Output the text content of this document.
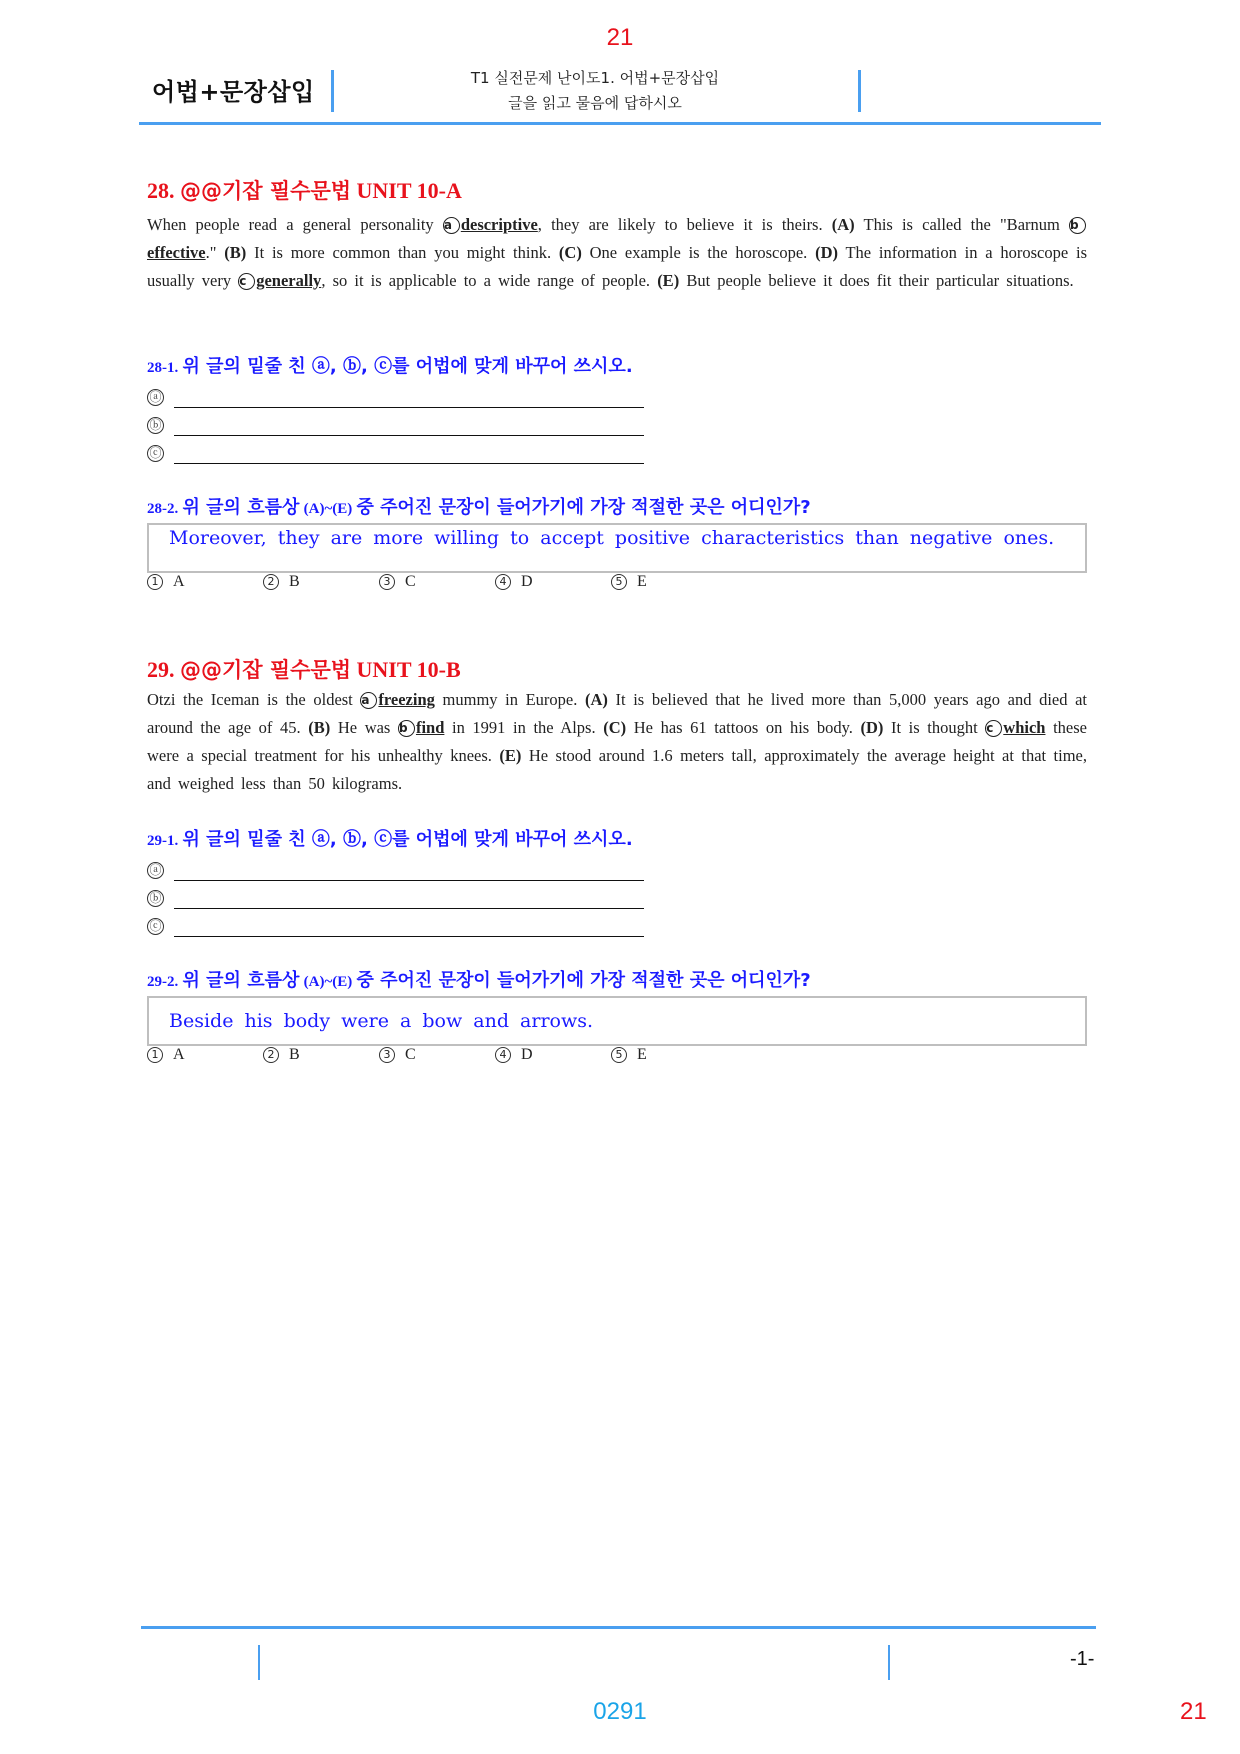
21
어법+문장삽입	T1 실전문제 난이도1. 어법+문장삽입
글을 읽고 물음에 답하시오
28. @@기잡 필수문법 UNIT 10-A
When people read a general personality a descriptive, they are likely to believe it is theirs. (A) This is called the "Barnum beffective." (B) It is more common than you might think. (C) One example is the horoscope. (D) The information in a horoscope is usually very c generally, so it is applicable to a wide range of people. (E) But people believe it does fit their particular situations.
28-1. 위 글의 밑줄 친 ⓐ, ⓑ, ⓒ를 어법에 맞게 바꾸어 쓰시오.
ⓐ
ⓑ
ⓒ
28-2. 위 글의 흐름상 (A)~(E) 중 주어진 문장이 들어가기에 가장 적절한 곳은 어디인가?
Moreover, they are more willing to accept positive characteristics than negative ones.
1 A	2 B	3 C	4 D	5 E
29. @@기잡 필수문법 UNIT 10-B
Otzi the Iceman is the oldest a freezing mummy in Europe. (A) It is believed that he lived more than 5,000 years ago and died at around the age of 45. (B) He was b find in 1991 in the Alps. (C) He has 61 tattoos on his body. (D) It is thought c which these were a special treatment for his unhealthy knees. (E) He stood around 1.6 meters tall, approximately the average height at that time, and weighed less than 50 kilograms.
29-1. 위 글의 밑줄 친 ⓐ, ⓑ, ⓒ를 어법에 맞게 바꾸어 쓰시오.
ⓐ
ⓑ
ⓒ
29-2. 위 글의 흐름상 (A)~(E) 중 주어진 문장이 들어가기에 가장 적절한 곳은 어디인가?
Beside his body were a bow and arrows.
1 A	2 B	3 C	4 D	5 E
-1-
0291	21
